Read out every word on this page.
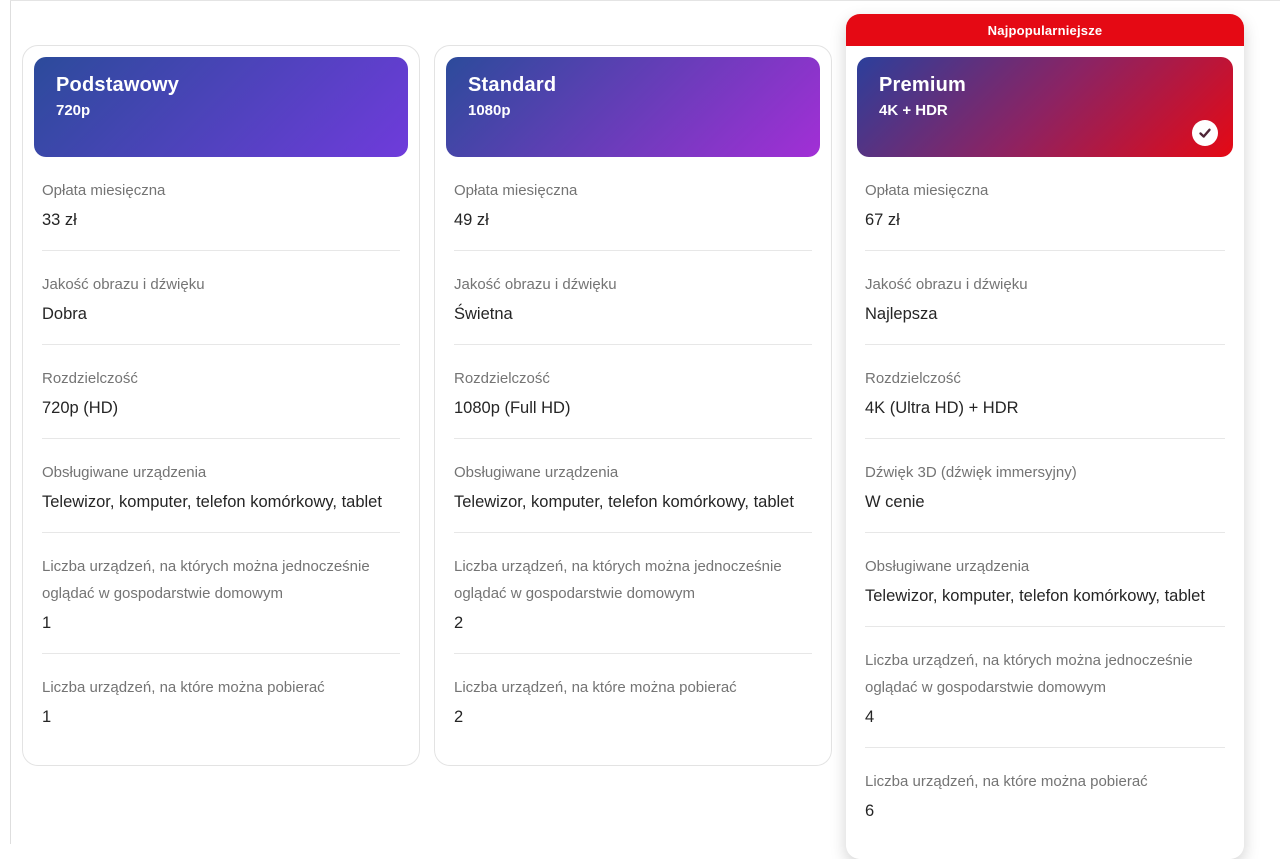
Podstawowy
720p
Opłata miesięczna
33 zł
Jakość obrazu i dźwięku
Dobra
Rozdzielczość
720p (HD)
Obsługiwane urządzenia
Telewizor, komputer, telefon komórkowy, tablet
Liczba urządzeń, na których można jednocześnie oglądać w gospodarstwie domowym
1
Liczba urządzeń, na które można pobierać
1
Standard
1080p
Opłata miesięczna
49 zł
Jakość obrazu i dźwięku
Świetna
Rozdzielczość
1080p (Full HD)
Obsługiwane urządzenia
Telewizor, komputer, telefon komórkowy, tablet
Liczba urządzeń, na których można jednocześnie oglądać w gospodarstwie domowym
2
Liczba urządzeń, na które można pobierać
2
Najpopularniejsze
Premium
4K + HDR
Opłata miesięczna
67 zł
Jakość obrazu i dźwięku
Najlepsza
Rozdzielczość
4K (Ultra HD) + HDR
Dźwięk 3D (dźwięk immersyjny)
W cenie
Obsługiwane urządzenia
Telewizor, komputer, telefon komórkowy, tablet
Liczba urządzeń, na których można jednocześnie oglądać w gospodarstwie domowym
4
Liczba urządzeń, na które można pobierać
6
